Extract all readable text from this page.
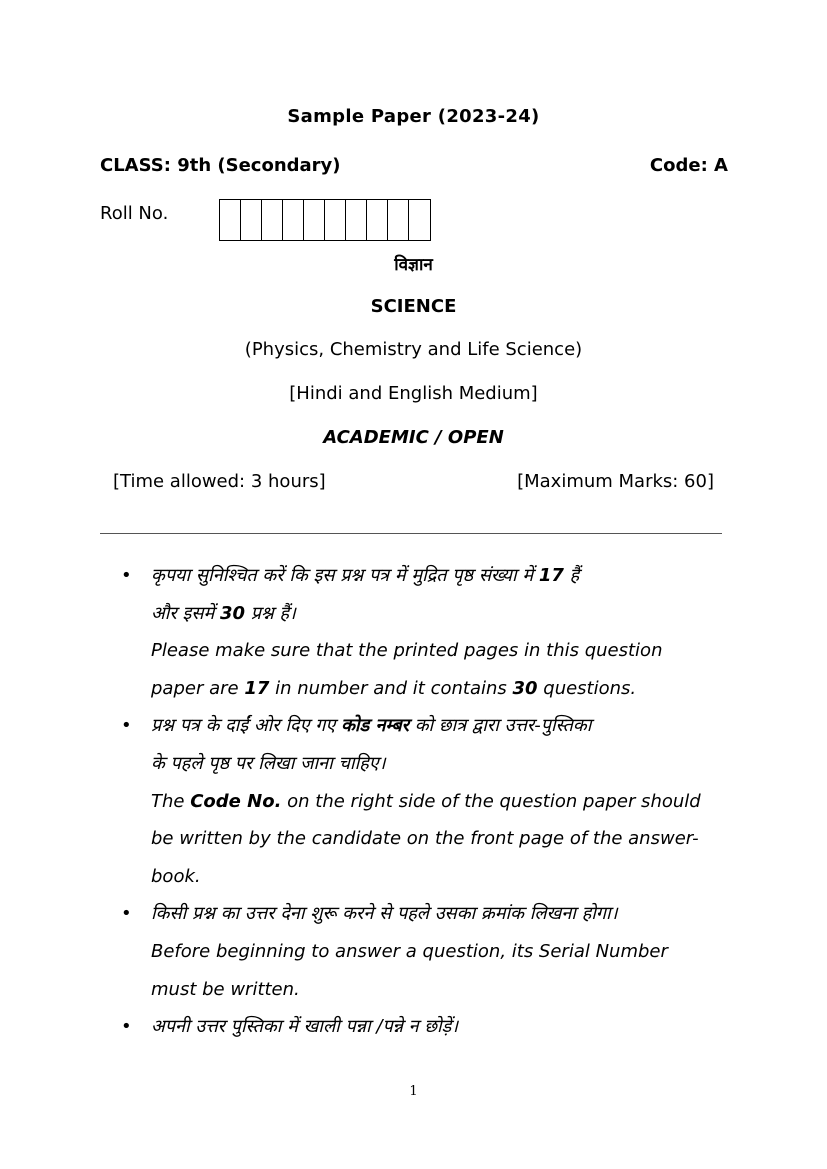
Sample Paper (2023-24)
CLASS: 9th (Secondary)	Code: A
Roll No.
विज्ञान
SCIENCE
(Physics, Chemistry and Life Science)
[Hindi and English Medium]
ACADEMIC / OPEN
[Time allowed: 3 hours]	[Maximum Marks: 60]
• कृपया सुनिश्चित करें कि इस प्रश्न पत्र में मुद्रित पृष्ठ संख्या में 17 हैं
और इसमें 30 प्रश्न हैं।
Please make sure that the printed pages in this question
paper are 17 in number and it contains 30 questions.
• प्रश्न पत्र के दाईं ओर दिए गए कोड नम्बर को छात्र द्वारा उत्तर-पुस्तिका
के पहले पृष्ठ पर लिखा जाना चाहिए।
The Code No. on the right side of the question paper should
be written by the candidate on the front page of the answer-
book.
• किसी प्रश्न का उत्तर देना शुरू करने से पहले उसका क्रमांक लिखना होगा।
Before beginning to answer a question, its Serial Number
must be written.
• अपनी उत्तर पुस्तिका में खाली पन्ना /पन्ने न छोड़ें।
1
